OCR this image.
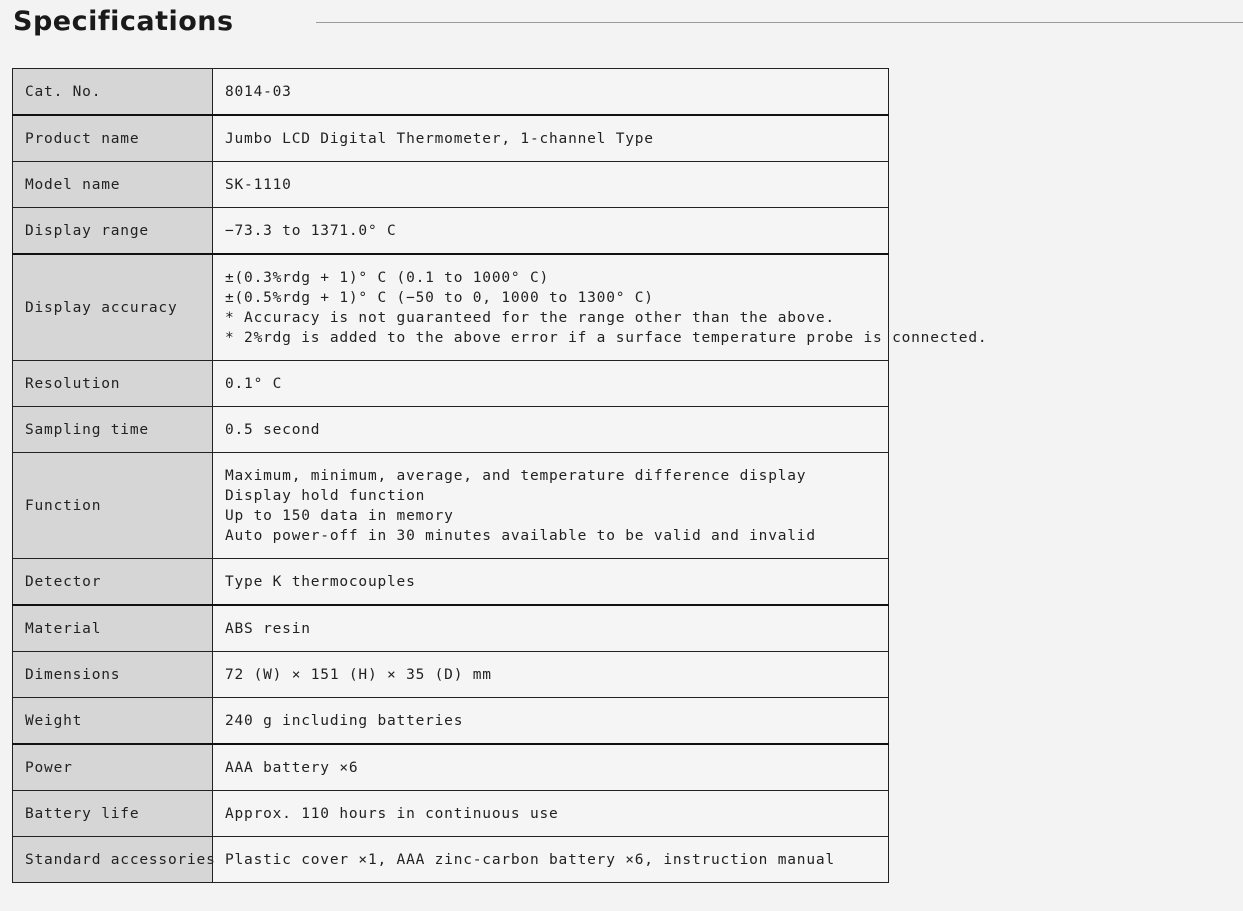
Specifications
Cat. No.	8014-03

Product name	Jumbo LCD Digital Thermometer, 1-channel Type

Model name	SK-1110

Display range	−73.3 to 1371.0° C

Display accuracy	±(0.3%rdg + 1)° C (0.1 to 1000° C)
±(0.5%rdg + 1)° C (−50 to 0, 1000 to 1300° C)
* Accuracy is not guaranteed for the range other than the above.
* 2%rdg is added to the above error if a surface temperature probe is connected.

Resolution	0.1° C

Sampling time	0.5 second

Function	Maximum, minimum, average, and temperature difference display
Display hold function
Up to 150 data in memory
Auto power-off in 30 minutes available to be valid and invalid

Detector	Type K thermocouples

Material	ABS resin

Dimensions	72 (W) × 151 (H) × 35 (D) mm

Weight	240 g including batteries

Power	AAA battery ×6

Battery life	Approx. 110 hours in continuous use

Standard accessories	Plastic cover ×1, AAA zinc-carbon battery ×6, instruction manual
